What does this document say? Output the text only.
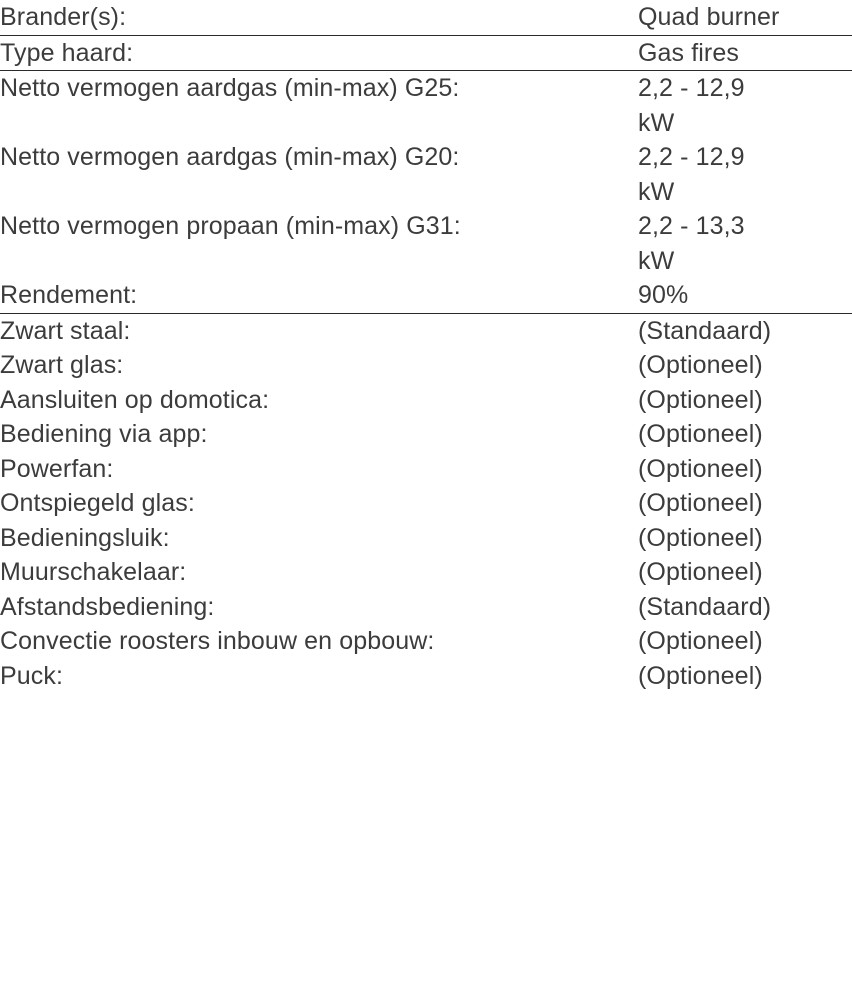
Brander(s):	Quad burner
Type haard:	Gas fires
Netto vermogen aardgas (min-max) G25:	2,2 - 12,9
kW

Netto vermogen aardgas (min-max) G20:	2,2 - 12,9
kW

Netto vermogen propaan (min-max) G31:	2,2 - 13,3
kW

Rendement:	90%
Zwart staal:	(Standaard)
Zwart glas:	(Optioneel)
Aansluiten op domotica:	(Optioneel)
Bediening via app:	(Optioneel)
Powerfan:	(Optioneel)
Ontspiegeld glas:	(Optioneel)
Bedieningsluik:	(Optioneel)
Muurschakelaar:	(Optioneel)
Afstandsbediening:	(Standaard)
Convectie roosters inbouw en opbouw:	(Optioneel)
Puck:	(Optioneel)
